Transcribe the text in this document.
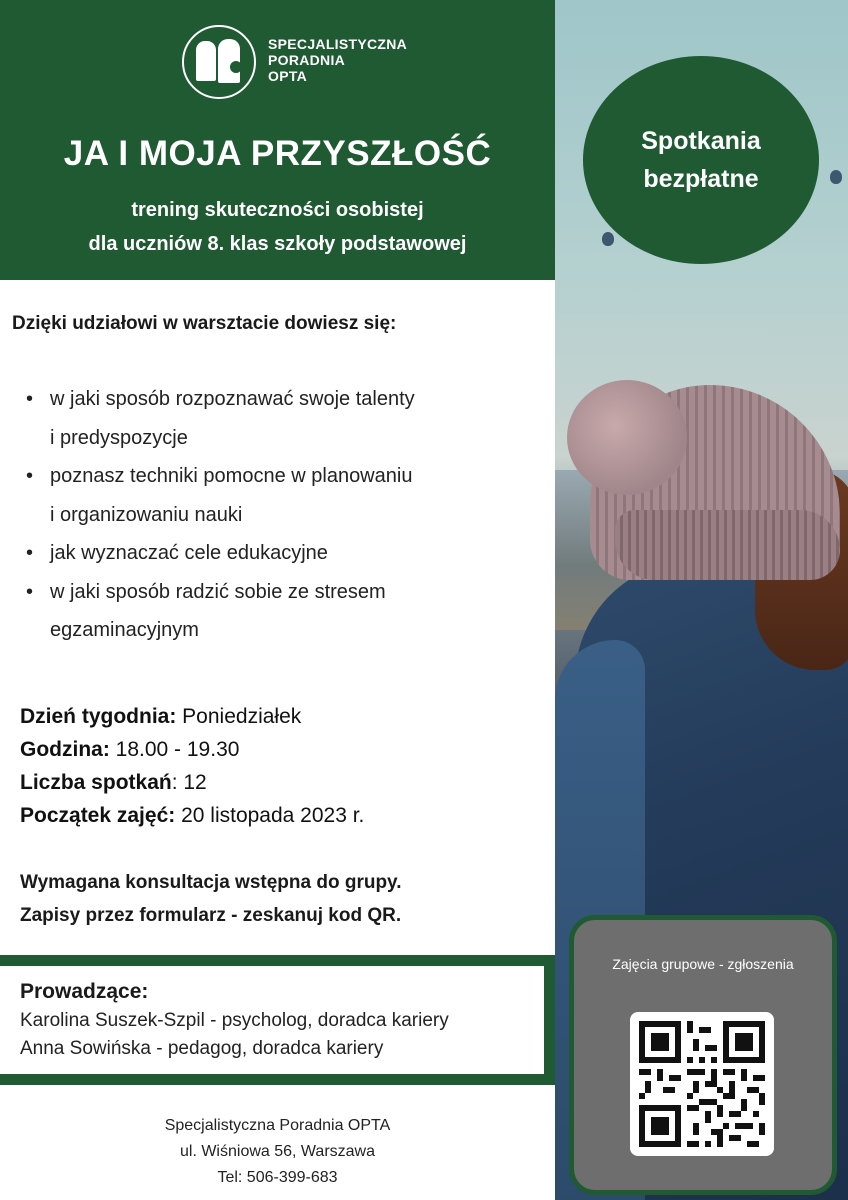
SPECJALISTYCZNA
PORADNIA
OPTA
JA I MOJA PRZYSZŁOŚĆ
trening skuteczności osobistej
dla uczniów 8. klas szkoły podstawowej
Spotkania
bezpłatne
Dzięki udziałowi w warsztacie dowiesz się:
• w jaki sposób rozpoznawać swoje talenty
i predyspozycje
• poznasz techniki pomocne w planowaniu
i organizowaniu nauki
• jak wyznaczać cele edukacyjne
• w jaki sposób radzić sobie ze stresem
egzaminacyjnym
Dzień tygodnia: Poniedziałek
Godzina: 18.00 - 19.30
Liczba spotkań: 12
Początek zajęć: 20 listopada 2023 r.
Wymagana konsultacja wstępna do grupy.
Zapisy przez formularz - zeskanuj kod QR.
Prowadzące:
Karolina Suszek-Szpil - psycholog, doradca kariery
Anna Sowińska - pedagog, doradca kariery
Specjalistyczna Poradnia OPTA
ul. Wiśniowa 56, Warszawa
Tel: 506-399-683
Zajęcia grupowe - zgłoszenia
